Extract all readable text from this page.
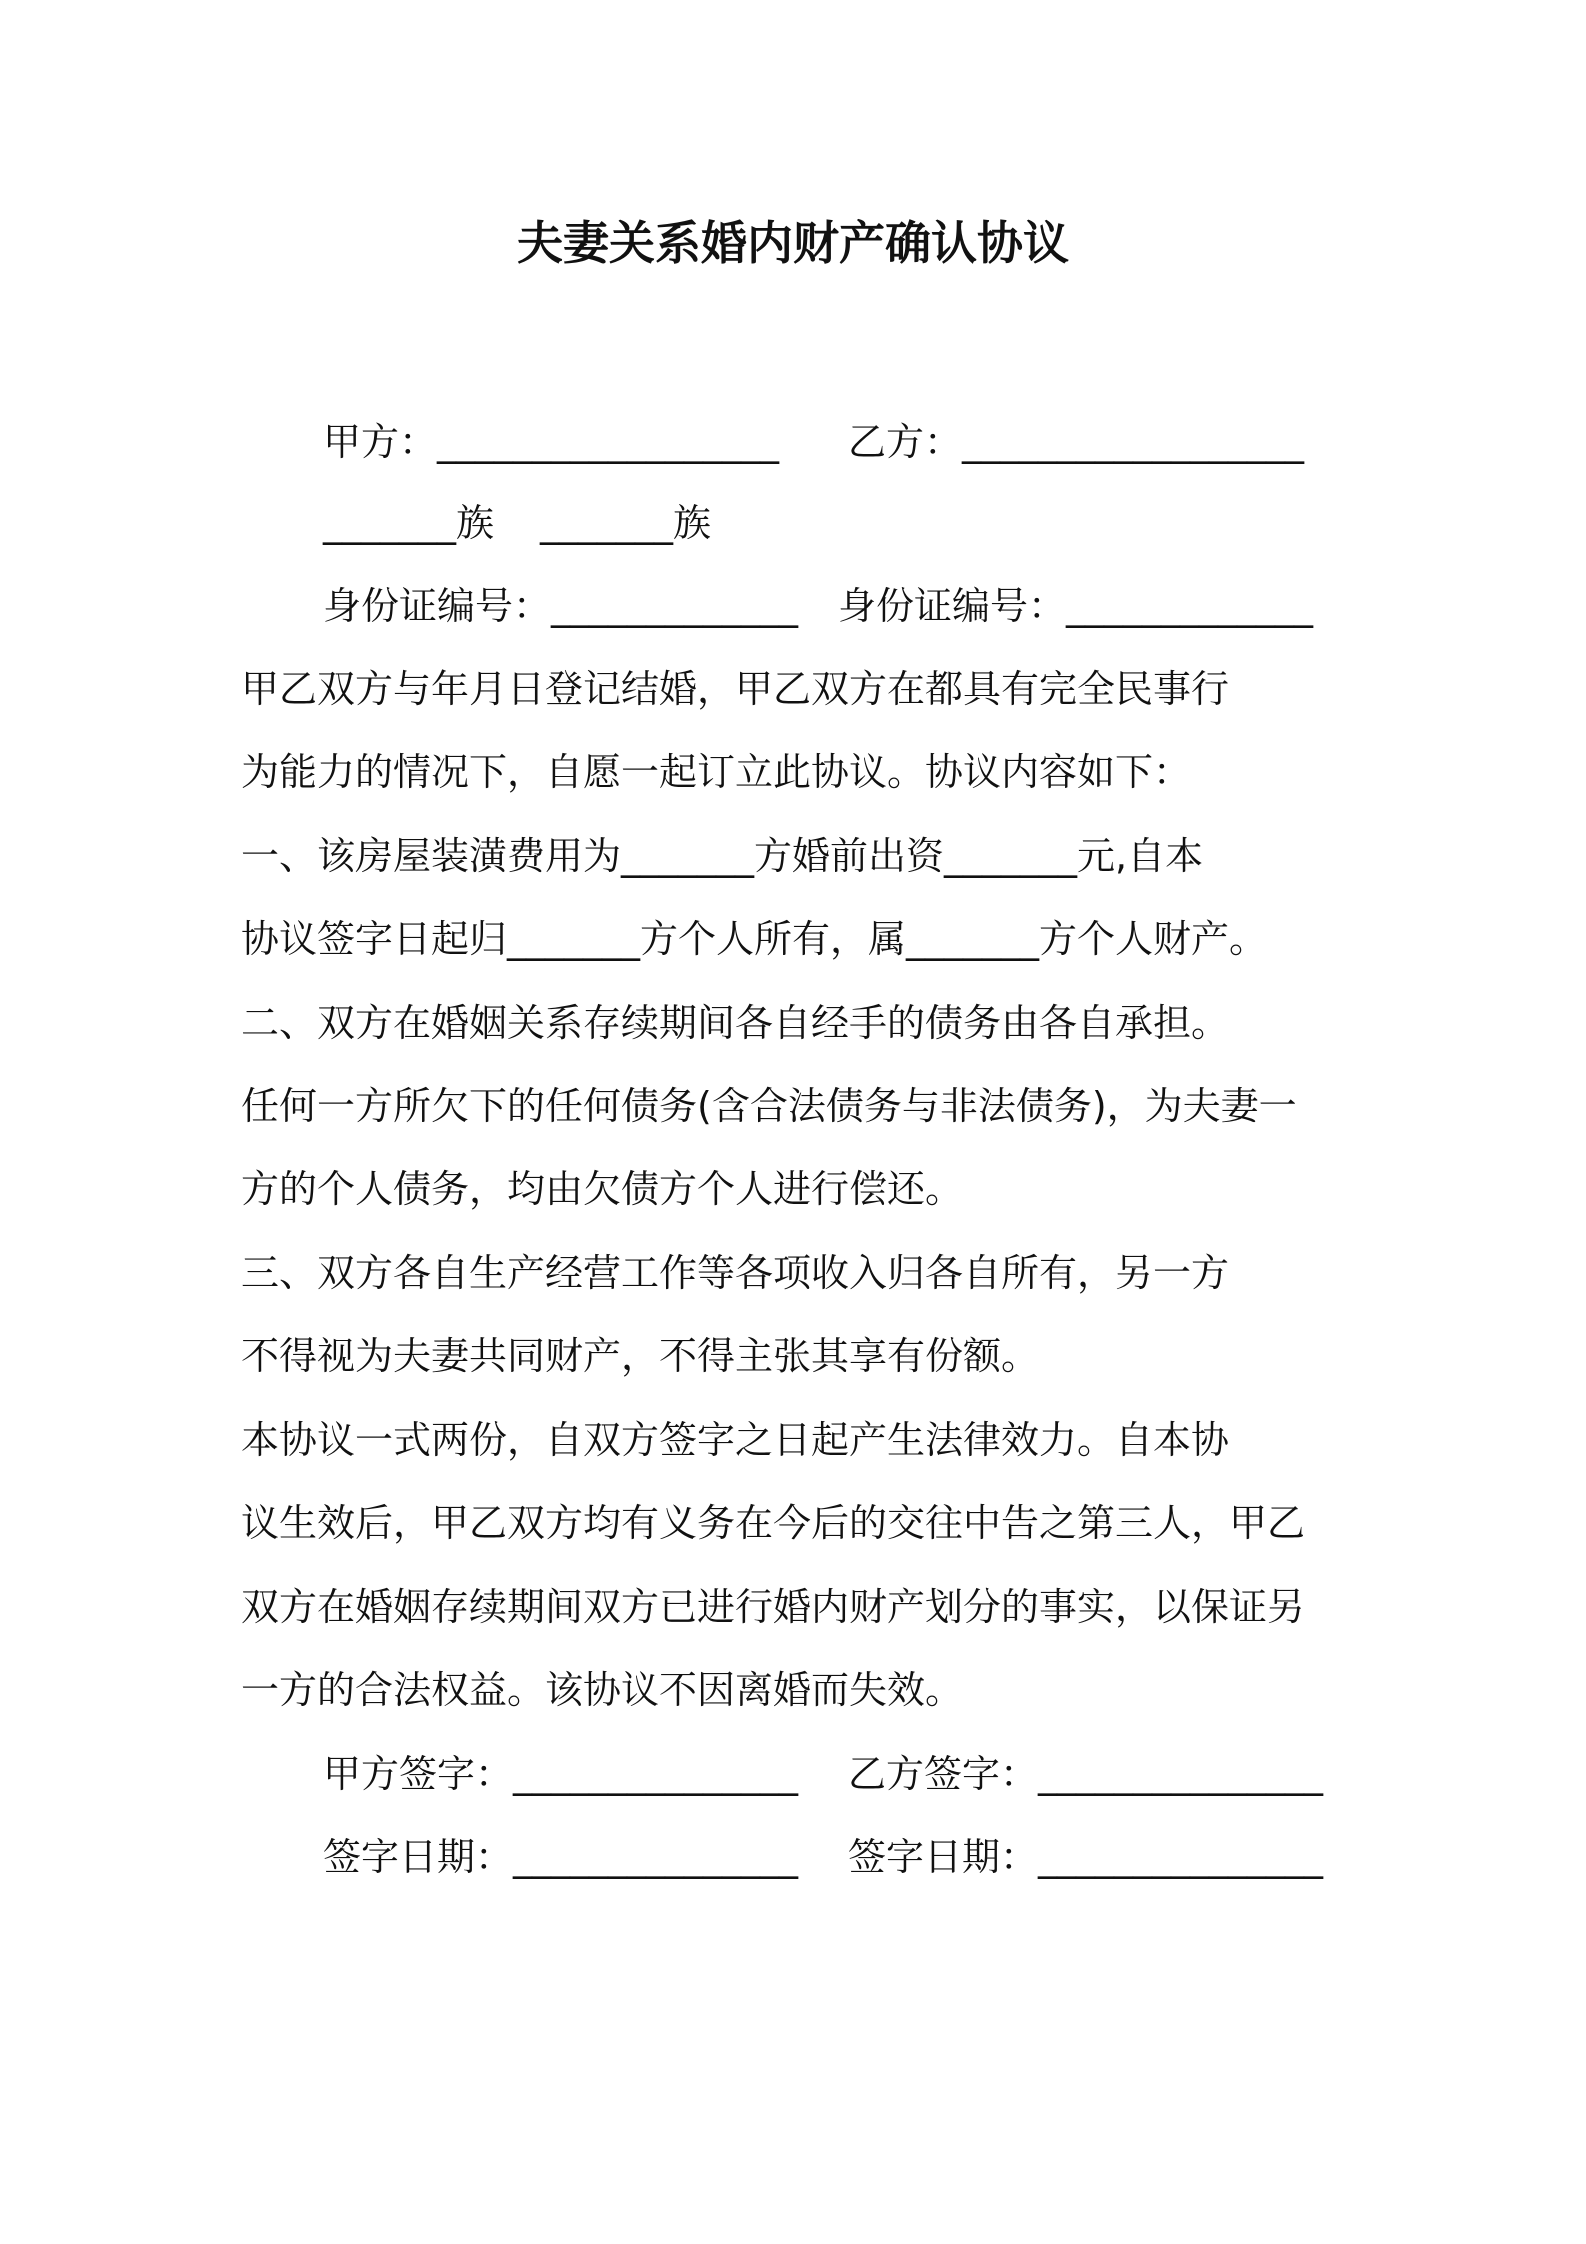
夫妻关系婚内财产确认协议
甲方：__________________ 乙方：__________________
_______族 _______族
身份证编号：_____________ 身份证编号：_____________
甲乙双方与年月日登记结婚，甲乙双方在都具有完全民事行
为能力的情况下，自愿一起订立此协议。协议内容如下：
一、该房屋装潢费用为_______方婚前出资_______元,自本
协议签字日起归_______方个人所有，属_______方个人财产。
二、双方在婚姻关系存续期间各自经手的债务由各自承担。
任何一方所欠下的任何债务(含合法债务与非法债务)，为夫妻一
方的个人债务，均由欠债方个人进行偿还。
三、双方各自生产经营工作等各项收入归各自所有，另一方
不得视为夫妻共同财产，不得主张其享有份额。
本协议一式两份，自双方签字之日起产生法律效力。自本协
议生效后，甲乙双方均有义务在今后的交往中告之第三人，甲乙
双方在婚姻存续期间双方已进行婚内财产划分的事实，以保证另
一方的合法权益。该协议不因离婚而失效。
甲方签字：_______________ 乙方签字：_______________
签字日期：_______________ 签字日期：_______________
